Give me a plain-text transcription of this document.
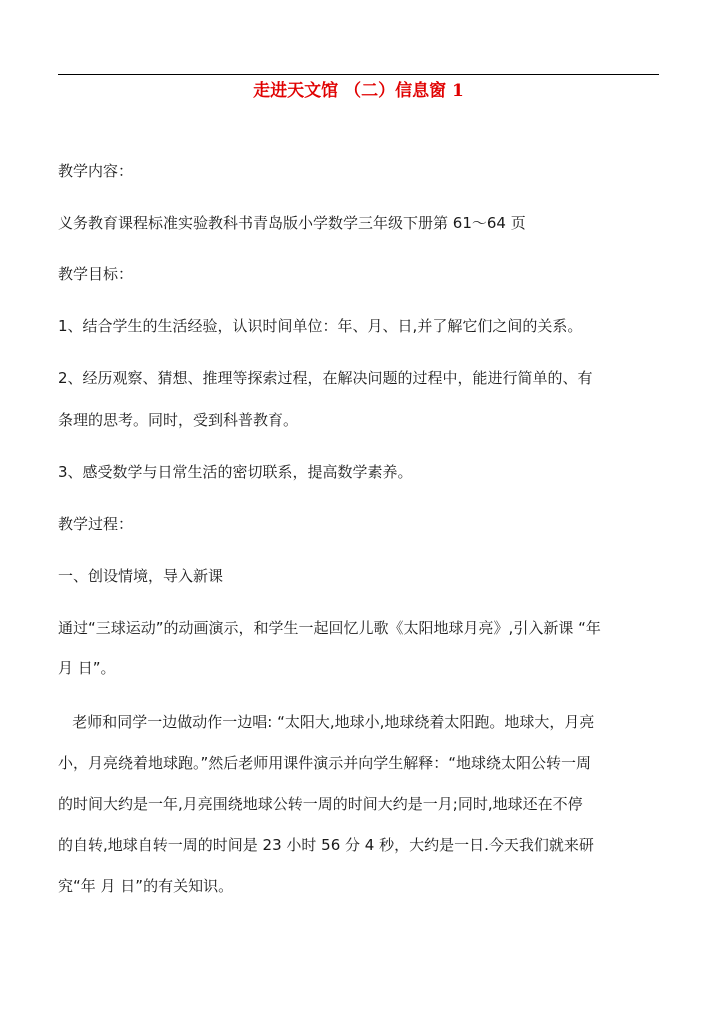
走进天文馆 （二）信息窗 1
教学内容：
义务教育课程标准实验教科书青岛版小学数学三年级下册第 61～64 页
教学目标：
1、结合学生的生活经验，认识时间单位：年、月、日,并了解它们之间的关系。
2、经历观察、猜想、推理等探索过程，在解决问题的过程中，能进行简单的、有
条理的思考。同时，受到科普教育。
3、感受数学与日常生活的密切联系，提高数学素养。
教学过程：
一、创设情境，导入新课
通过“三球运动”的动画演示，和学生一起回忆儿歌《太阳地球月亮》,引入新课 “年
月 日”。
老师和同学一边做动作一边唱: “太阳大,地球小,地球绕着太阳跑。地球大，月亮
小，月亮绕着地球跑。”然后老师用课件演示并向学生解释：“地球绕太阳公转一周
的时间大约是一年,月亮围绕地球公转一周的时间大约是一月;同时,地球还在不停
的自转,地球自转一周的时间是 23 小时 56 分 4 秒，大约是一日.今天我们就来研
究“年 月 日”的有关知识。
